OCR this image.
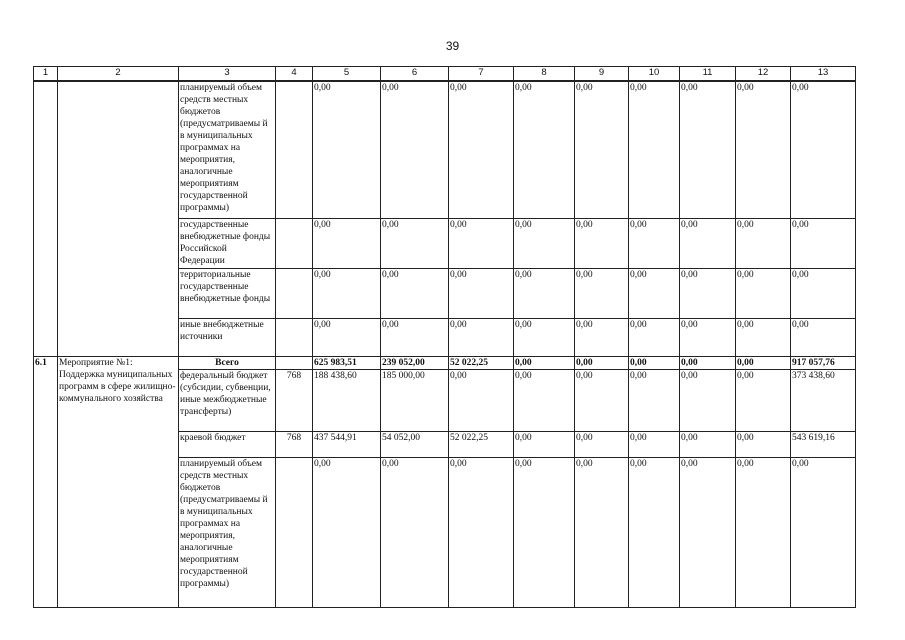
39
1	2	3	4	5	6	7	8	9	10	11	12	13
		планируемый объем средств местных бюджетов (предусматриваемы й в муниципальных программах на мероприятия, аналогичные мероприятиям государственной программы)		0,00	0,00	0,00	0,00	0,00	0,00	0,00	0,00	0,00
		государственные внебюджетные фонды Российской Федерации		0,00	0,00	0,00	0,00	0,00	0,00	0,00	0,00	0,00
		территориальные государственные внебюджетные фонды		0,00	0,00	0,00	0,00	0,00	0,00	0,00	0,00	0,00
		иные внебюджетные источники		0,00	0,00	0,00	0,00	0,00	0,00	0,00	0,00	0,00
6.1	Мероприятие №1: Поддержка муниципальных программ в сфере жилищно-коммунального хозяйства	Всего		625 983,51	239 052,00	52 022,25	0,00	0,00	0,00	0,00	0,00	917 057,76
		федеральный бюджет (субсидии, субвенции, иные межбюджетные трансферты)	768	188 438,60	185 000,00	0,00	0,00	0,00	0,00	0,00	0,00	373 438,60
		краевой бюджет	768	437 544,91	54 052,00	52 022,25	0,00	0,00	0,00	0,00	0,00	543 619,16
		планируемый объем средств местных бюджетов (предусматриваемы й в муниципальных программах на мероприятия, аналогичные мероприятиям государственной программы)		0,00	0,00	0,00	0,00	0,00	0,00	0,00	0,00	0,00
